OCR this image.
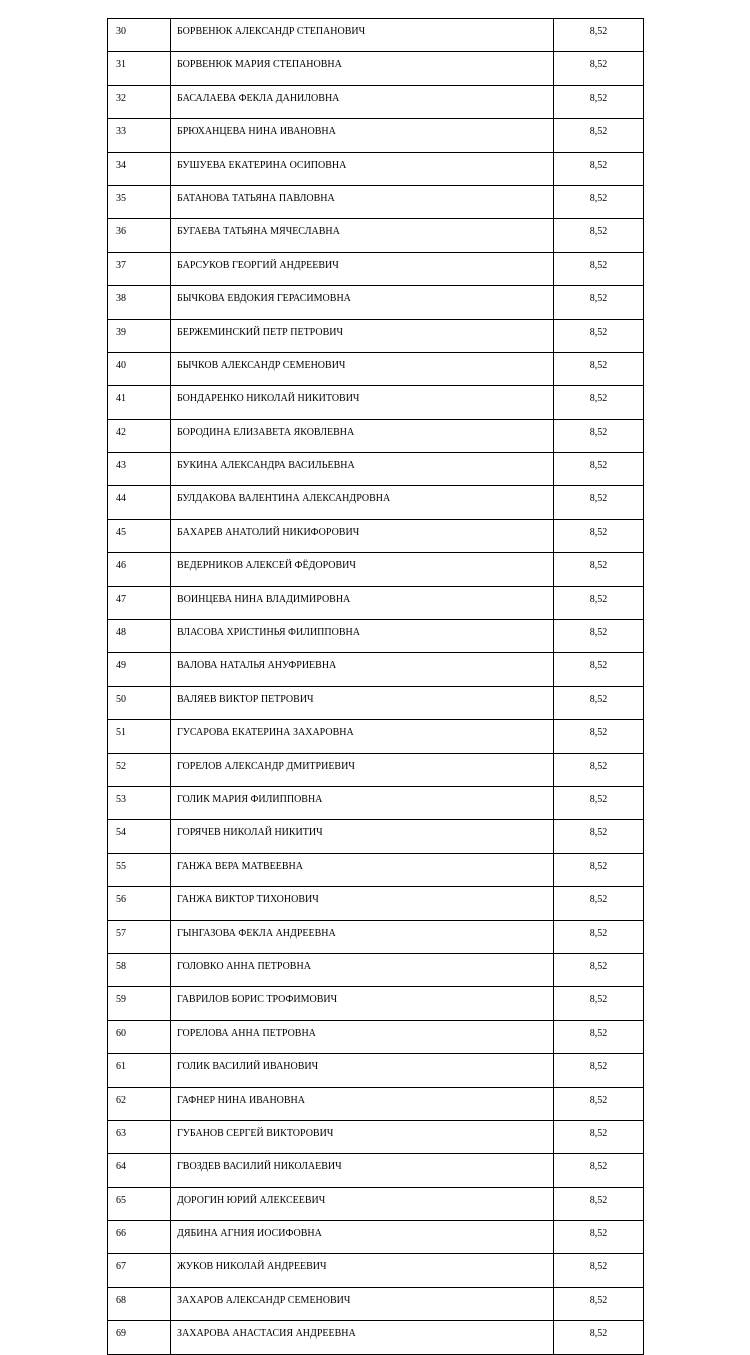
30	БОРВЕНЮК АЛЕКСАНДР СТЕПАНОВИЧ	8,52
31	БОРВЕНЮК МАРИЯ СТЕПАНОВНА	8,52
32	БАСАЛАЕВА ФЕКЛА ДАНИЛОВНА	8,52
33	БРЮХАНЦЕВА НИНА ИВАНОВНА	8,52
34	БУШУЕВА ЕКАТЕРИНА ОСИПОВНА	8,52
35	БАТАНОВА ТАТЬЯНА ПАВЛОВНА	8,52
36	БУГАЕВА ТАТЬЯНА МЯЧЕСЛАВНА	8,52
37	БАРСУКОВ ГЕОРГИЙ АНДРЕЕВИЧ	8,52
38	БЫЧКОВА ЕВДОКИЯ ГЕРАСИМОВНА	8,52
39	БЕРЖЕМИНСКИЙ ПЕТР ПЕТРОВИЧ	8,52
40	БЫЧКОВ АЛЕКСАНДР СЕМЕНОВИЧ	8,52
41	БОНДАРЕНКО НИКОЛАЙ НИКИТОВИЧ	8,52
42	БОРОДИНА ЕЛИЗАВЕТА ЯКОВЛЕВНА	8,52
43	БУКИНА АЛЕКСАНДРА ВАСИЛЬЕВНА	8,52
44	БУЛДАКОВА ВАЛЕНТИНА АЛЕКСАНДРОВНА	8,52
45	БАХАРЕВ АНАТОЛИЙ НИКИФОРОВИЧ	8,52
46	ВЕДЕРНИКОВ АЛЕКСЕЙ ФЁДОРОВИЧ	8,52
47	ВОИНЦЕВА НИНА ВЛАДИМИРОВНА	8,52
48	ВЛАСОВА ХРИСТИНЬЯ ФИЛИППОВНА	8,52
49	ВАЛОВА НАТАЛЬЯ АНУФРИЕВНА	8,52
50	ВАЛЯЕВ ВИКТОР ПЕТРОВИЧ	8,52
51	ГУСАРОВА ЕКАТЕРИНА ЗАХАРОВНА	8,52
52	ГОРЕЛОВ АЛЕКСАНДР ДМИТРИЕВИЧ	8,52
53	ГОЛИК МАРИЯ ФИЛИППОВНА	8,52
54	ГОРЯЧЕВ НИКОЛАЙ НИКИТИЧ	8,52
55	ГАНЖА ВЕРА МАТВЕЕВНА	8,52
56	ГАНЖА ВИКТОР ТИХОНОВИЧ	8,52
57	ГЫНГАЗОВА ФЕКЛА АНДРЕЕВНА	8,52
58	ГОЛОВКО АННА ПЕТРОВНА	8,52
59	ГАВРИЛОВ БОРИС ТРОФИМОВИЧ	8,52
60	ГОРЕЛОВА АННА ПЕТРОВНА	8,52
61	ГОЛИК ВАСИЛИЙ ИВАНОВИЧ	8,52
62	ГАФНЕР НИНА ИВАНОВНА	8,52
63	ГУБАНОВ СЕРГЕЙ ВИКТОРОВИЧ	8,52
64	ГВОЗДЕВ ВАСИЛИЙ НИКОЛАЕВИЧ	8,52
65	ДОРОГИН ЮРИЙ АЛЕКСЕЕВИЧ	8,52
66	ДЯБИНА АГНИЯ ИОСИФОВНА	8,52
67	ЖУКОВ НИКОЛАЙ АНДРЕЕВИЧ	8,52
68	ЗАХАРОВ АЛЕКСАНДР СЕМЕНОВИЧ	8,52
69	ЗАХАРОВА АНАСТАСИЯ АНДРЕЕВНА	8,52
